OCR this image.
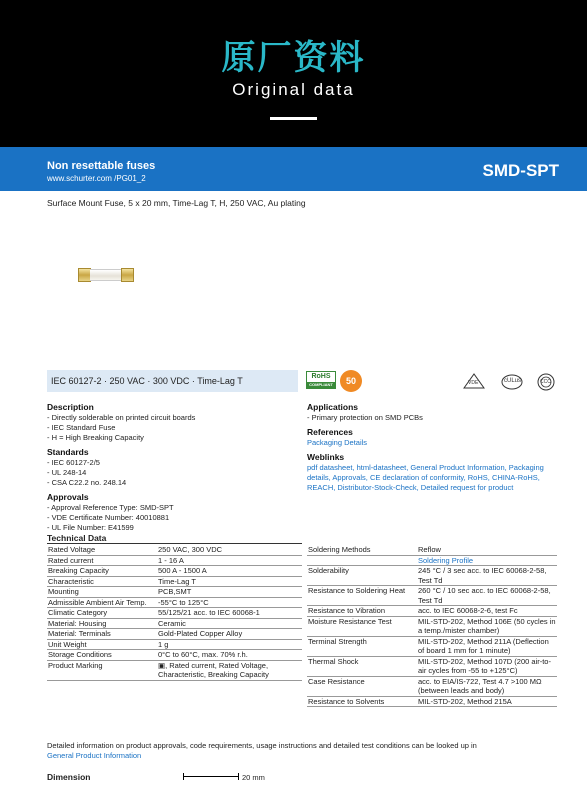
原厂资料
Original data
Non resettable fuses
www.schurter.com /PG01_2	SMD-SPT
Surface Mount Fuse, 5 x 20 mm, Time-Lag T, H, 250 VAC, Au plating
IEC 60127-2 · 250 VAC · 300 VDC · Time-Lag T	RoHS
COMPLIANT	50	VDE	cULus	CCC
Description
- Directly solderable on printed circuit boards
- IEC Standard Fuse
- H = High Breaking Capacity
Standards
- IEC 60127-2/5
- UL 248-14
- CSA C22.2 no. 248.14
Approvals
- Approval Reference Type: SMD-SPT
- VDE Certificate Number: 40010881
- UL File Number: E41599
Applications
- Primary protection on SMD PCBs
References
Packaging Details
Weblinks
pdf datasheet, html-datasheet, General Product Information, Packaging details, Approvals, CE declaration of conformity, RoHS, CHINA-RoHS, REACH, Distributor-Stock-Check, Detailed request for product
Technical Data
Rated Voltage	250 VAC, 300 VDC
Rated current	1 - 16 A
Breaking Capacity	500 A - 1500 A
Characteristic	Time-Lag T
Mounting	PCB,SMT
Admissible Ambient Air Temp.	-55°C to 125°C
Climatic Category	55/125/21 acc. to IEC 60068-1
Material: Housing	Ceramic
Material: Terminals	Gold-Plated Copper Alloy
Unit Weight	1 g
Storage Conditions	0°C to 60°C, max. 70% r.h.
Product Marking	▣, Rated current, Rated Voltage, Characteristic, Breaking Capacity
Soldering Methods	Reflow
	Soldering Profile
Solderability	245 °C / 3 sec acc. to IEC 60068-2-58, Test Td
Resistance to Soldering Heat	260 °C / 10 sec acc. to IEC 60068-2-58, Test Td
Resistance to Vibration	acc. to IEC 60068-2-6, test Fc
Moisture Resistance Test	MIL-STD-202, Method 106E (50 cycles in a temp./mister chamber)
Terminal Strength	MIL-STD-202, Method 211A (Deflection of board 1 mm for 1 minute)
Thermal Shock	MIL-STD-202, Method 107D (200 air-to-air cycles from -55 to +125°C)
Case Resistance	acc. to EIA/IS-722, Test 4.7 >100 MΩ (between leads and body)
Resistance to Solvents	MIL-STD-202, Method 215A
Detailed information on product approvals, code requirements, usage instructions and detailed test conditions can be looked up in
General Product Information
Dimension	20 mm
